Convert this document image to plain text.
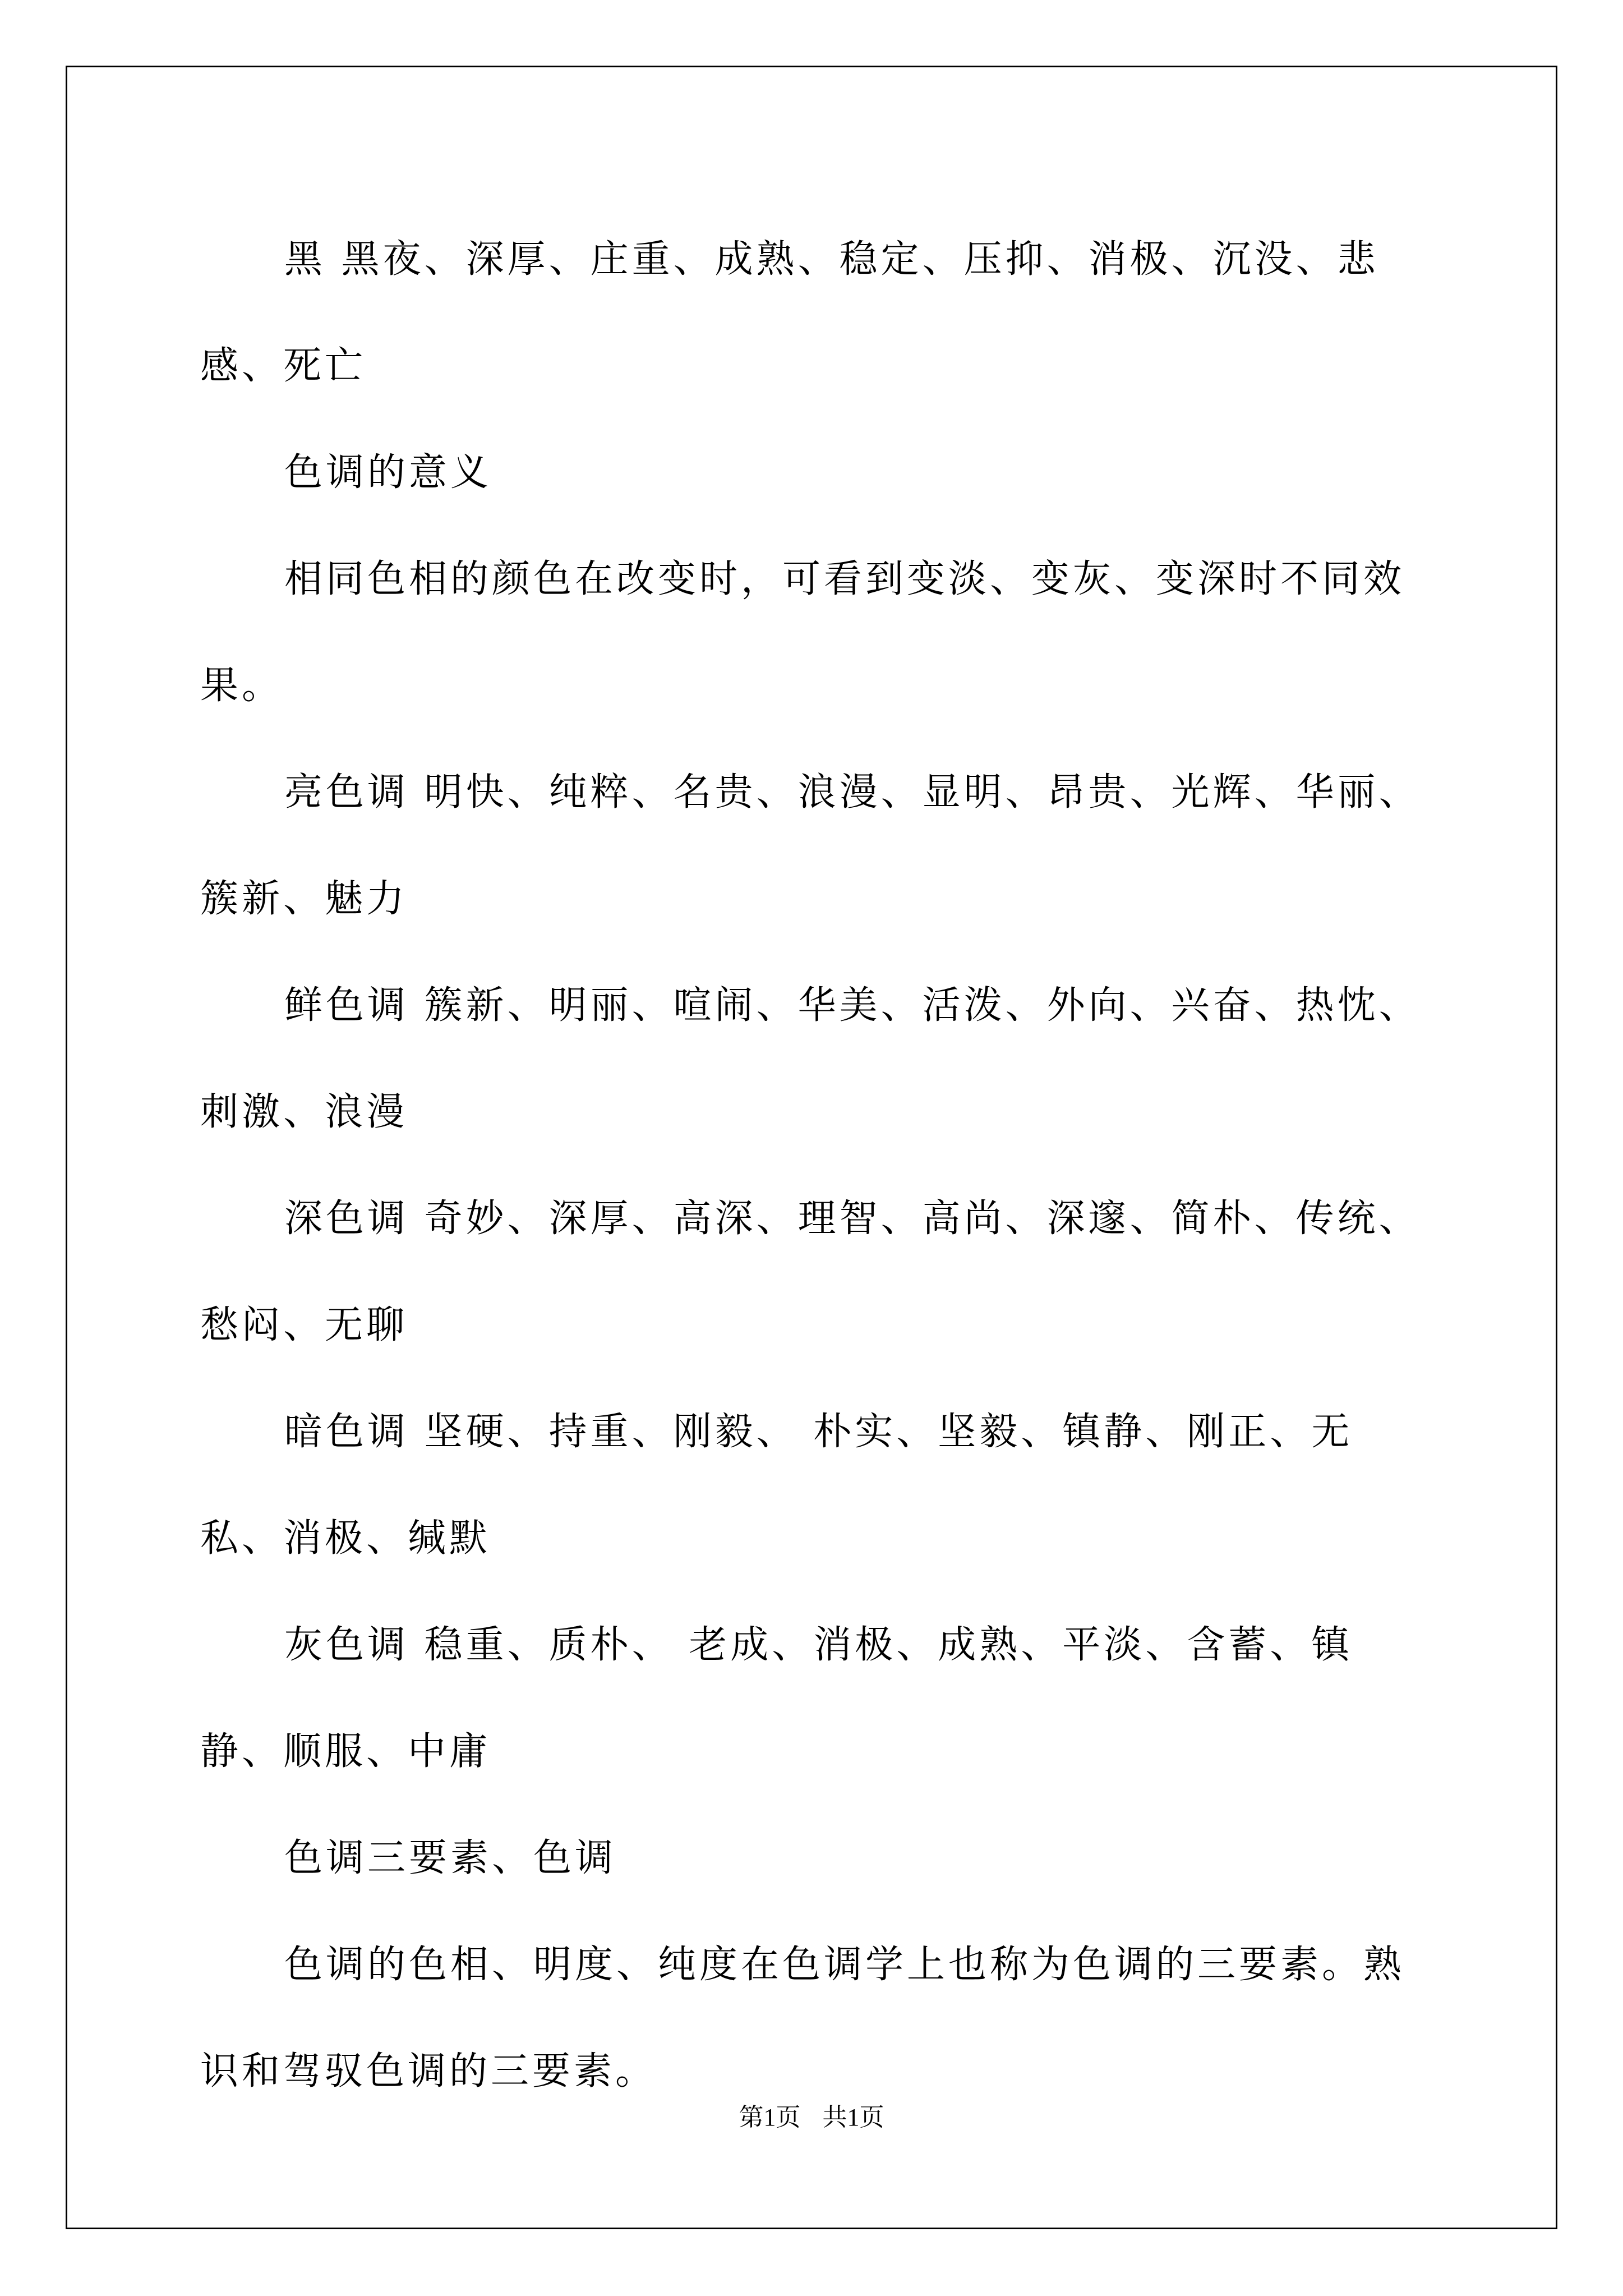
黑 黑夜、深厚、庄重、成熟、稳定、压抑、消极、沉没、悲感、死亡

色调的意义

相同色相的颜色在改变时，可看到变淡、变灰、变深时不同效果。

亮色调 明快、纯粹、名贵、浪漫、显明、昂贵、光辉、华丽、簇新、魅力

鲜色调 簇新、明丽、喧闹、华美、活泼、外向、兴奋、热忱、刺激、浪漫

深色调 奇妙、深厚、高深、理智、高尚、深邃、简朴、传统、愁闷、无聊

暗色调 坚硬、持重、刚毅、 朴实、坚毅、镇静、刚正、无私、消极、缄默

灰色调 稳重、质朴、 老成、消极、成熟、平淡、含蓄、镇静、顺服、中庸

色调三要素、色调

色调的色相、明度、纯度在色调学上也称为色调的三要素。熟识和驾驭色调的三要素。

第1页 共1页
